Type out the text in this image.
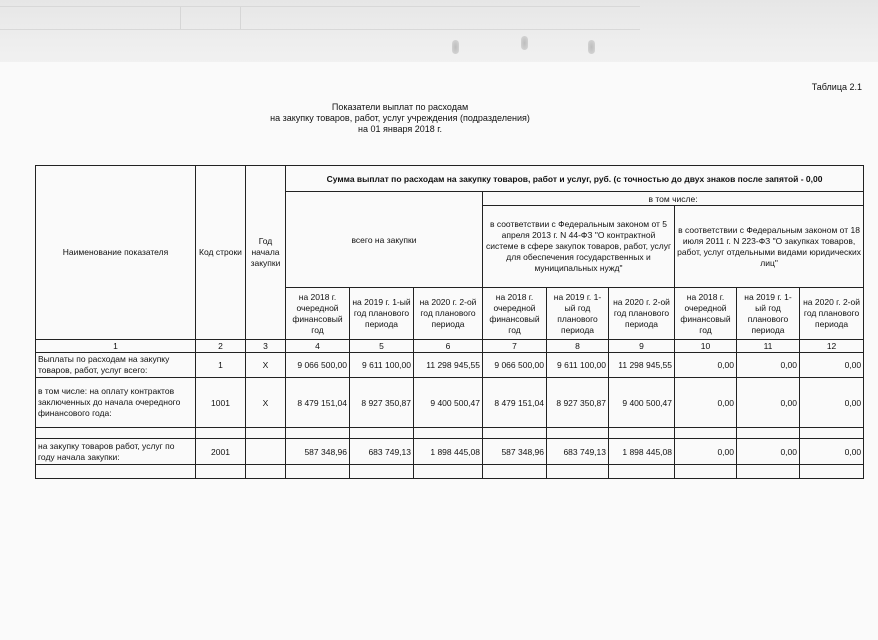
Таблица 2.1
Показатели выплат по расходам
на закупку товаров, работ, услуг учреждения (подразделения)
на 01 января 2018 г.
Наименование показателя	Код строки	Год начала закупки	Сумма выплат по расходам на закупку товаров, работ и услуг, руб. (с точностью до двух знаков после запятой - 0,00								
			всего на закупки			в том числе:					
						в соответствии с Федеральным законом от 5 апреля 2013 г. N 44-ФЗ "О контрактной системе в сфере закупок товаров, работ, услуг для обеспечения государственных и муниципальных нужд"			в соответствии с Федеральным законом от 18 июля 2011 г. N 223-ФЗ "О закупках товаров, работ, услуг отдельными видами юридических лиц"		
			на 2018 г. очередной финансовый год	на 2019 г. 1-ый год планового периода	на 2020 г. 2-ой год планового периода	на 2018 г. очередной финансовый год	на 2019 г. 1-ый год планового периода	на 2020 г. 2-ой год планового периода	на 2018 г. очередной финансовый год	на 2019 г. 1-ый год планового периода	на 2020 г. 2-ой год планового периода
1	2	3	4	5	6	7	8	9	10	11	12
Выплаты по расходам на закупку товаров, работ, услуг всего:	1	X	9 066 500,00	9 611 100,00	11 298 945,55	9 066 500,00	9 611 100,00	11 298 945,55	0,00	0,00	0,00
в том числе: на оплату контрактов заключенных до начала очередного финансового года:	1001	X	8 479 151,04	8 927 350,87	9 400 500,47	8 479 151,04	8 927 350,87	9 400 500,47	0,00	0,00	0,00

на закупку товаров работ, услуг по году начала закупки:	2001		587 348,96	683 749,13	1 898 445,08	587 348,96	683 749,13	1 898 445,08	0,00	0,00	0,00
